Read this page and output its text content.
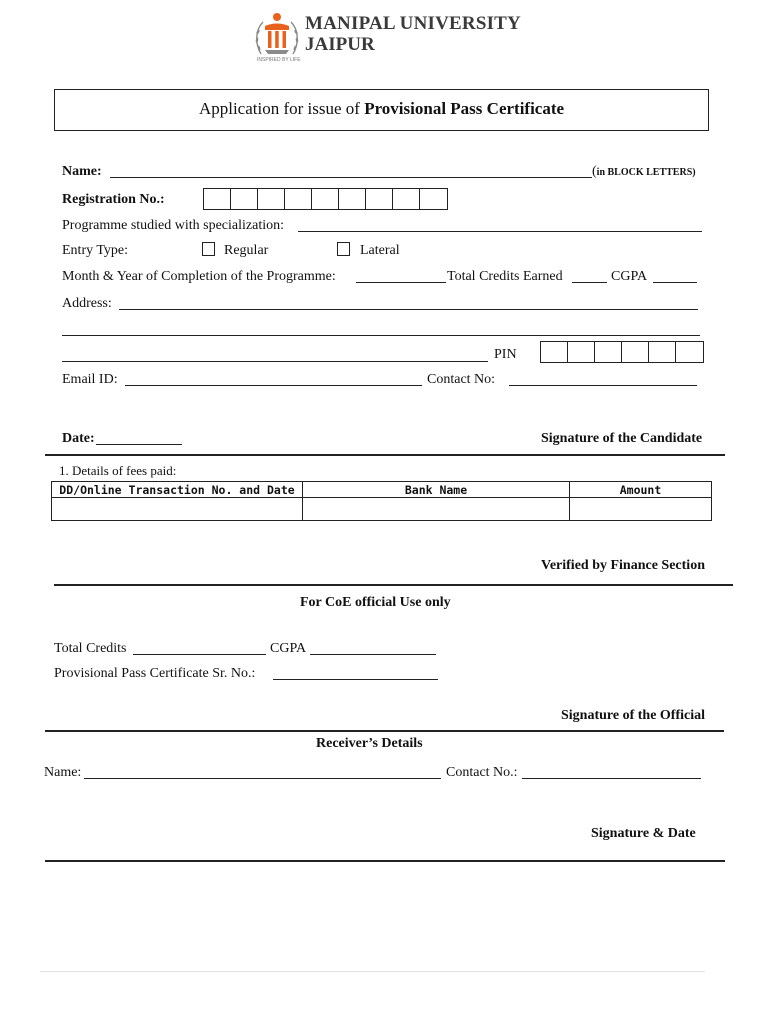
INSPIRED BY LIFE
MANIPAL UNIVERSITY
JAIPUR
Application for issue of Provisional Pass Certificate
Name:	(in BLOCK LETTERS)
Registration No.:
Programme studied with specialization:
Entry Type:	Regular	Lateral
Month & Year of Completion of the Programme:	Total Credits Earned	CGPA
Address:
PIN
Email ID:	Contact No:
Date:	Signature of the Candidate
1. Details of fees paid:
DD/Online Transaction No. and Date	Bank Name	Amount

Verified by Finance Section
For CoE official Use only
Total Credits	CGPA
Provisional Pass Certificate Sr. No.:
Signature of the Official
Receiver’s Details
Name:	Contact No.:
Signature & Date
